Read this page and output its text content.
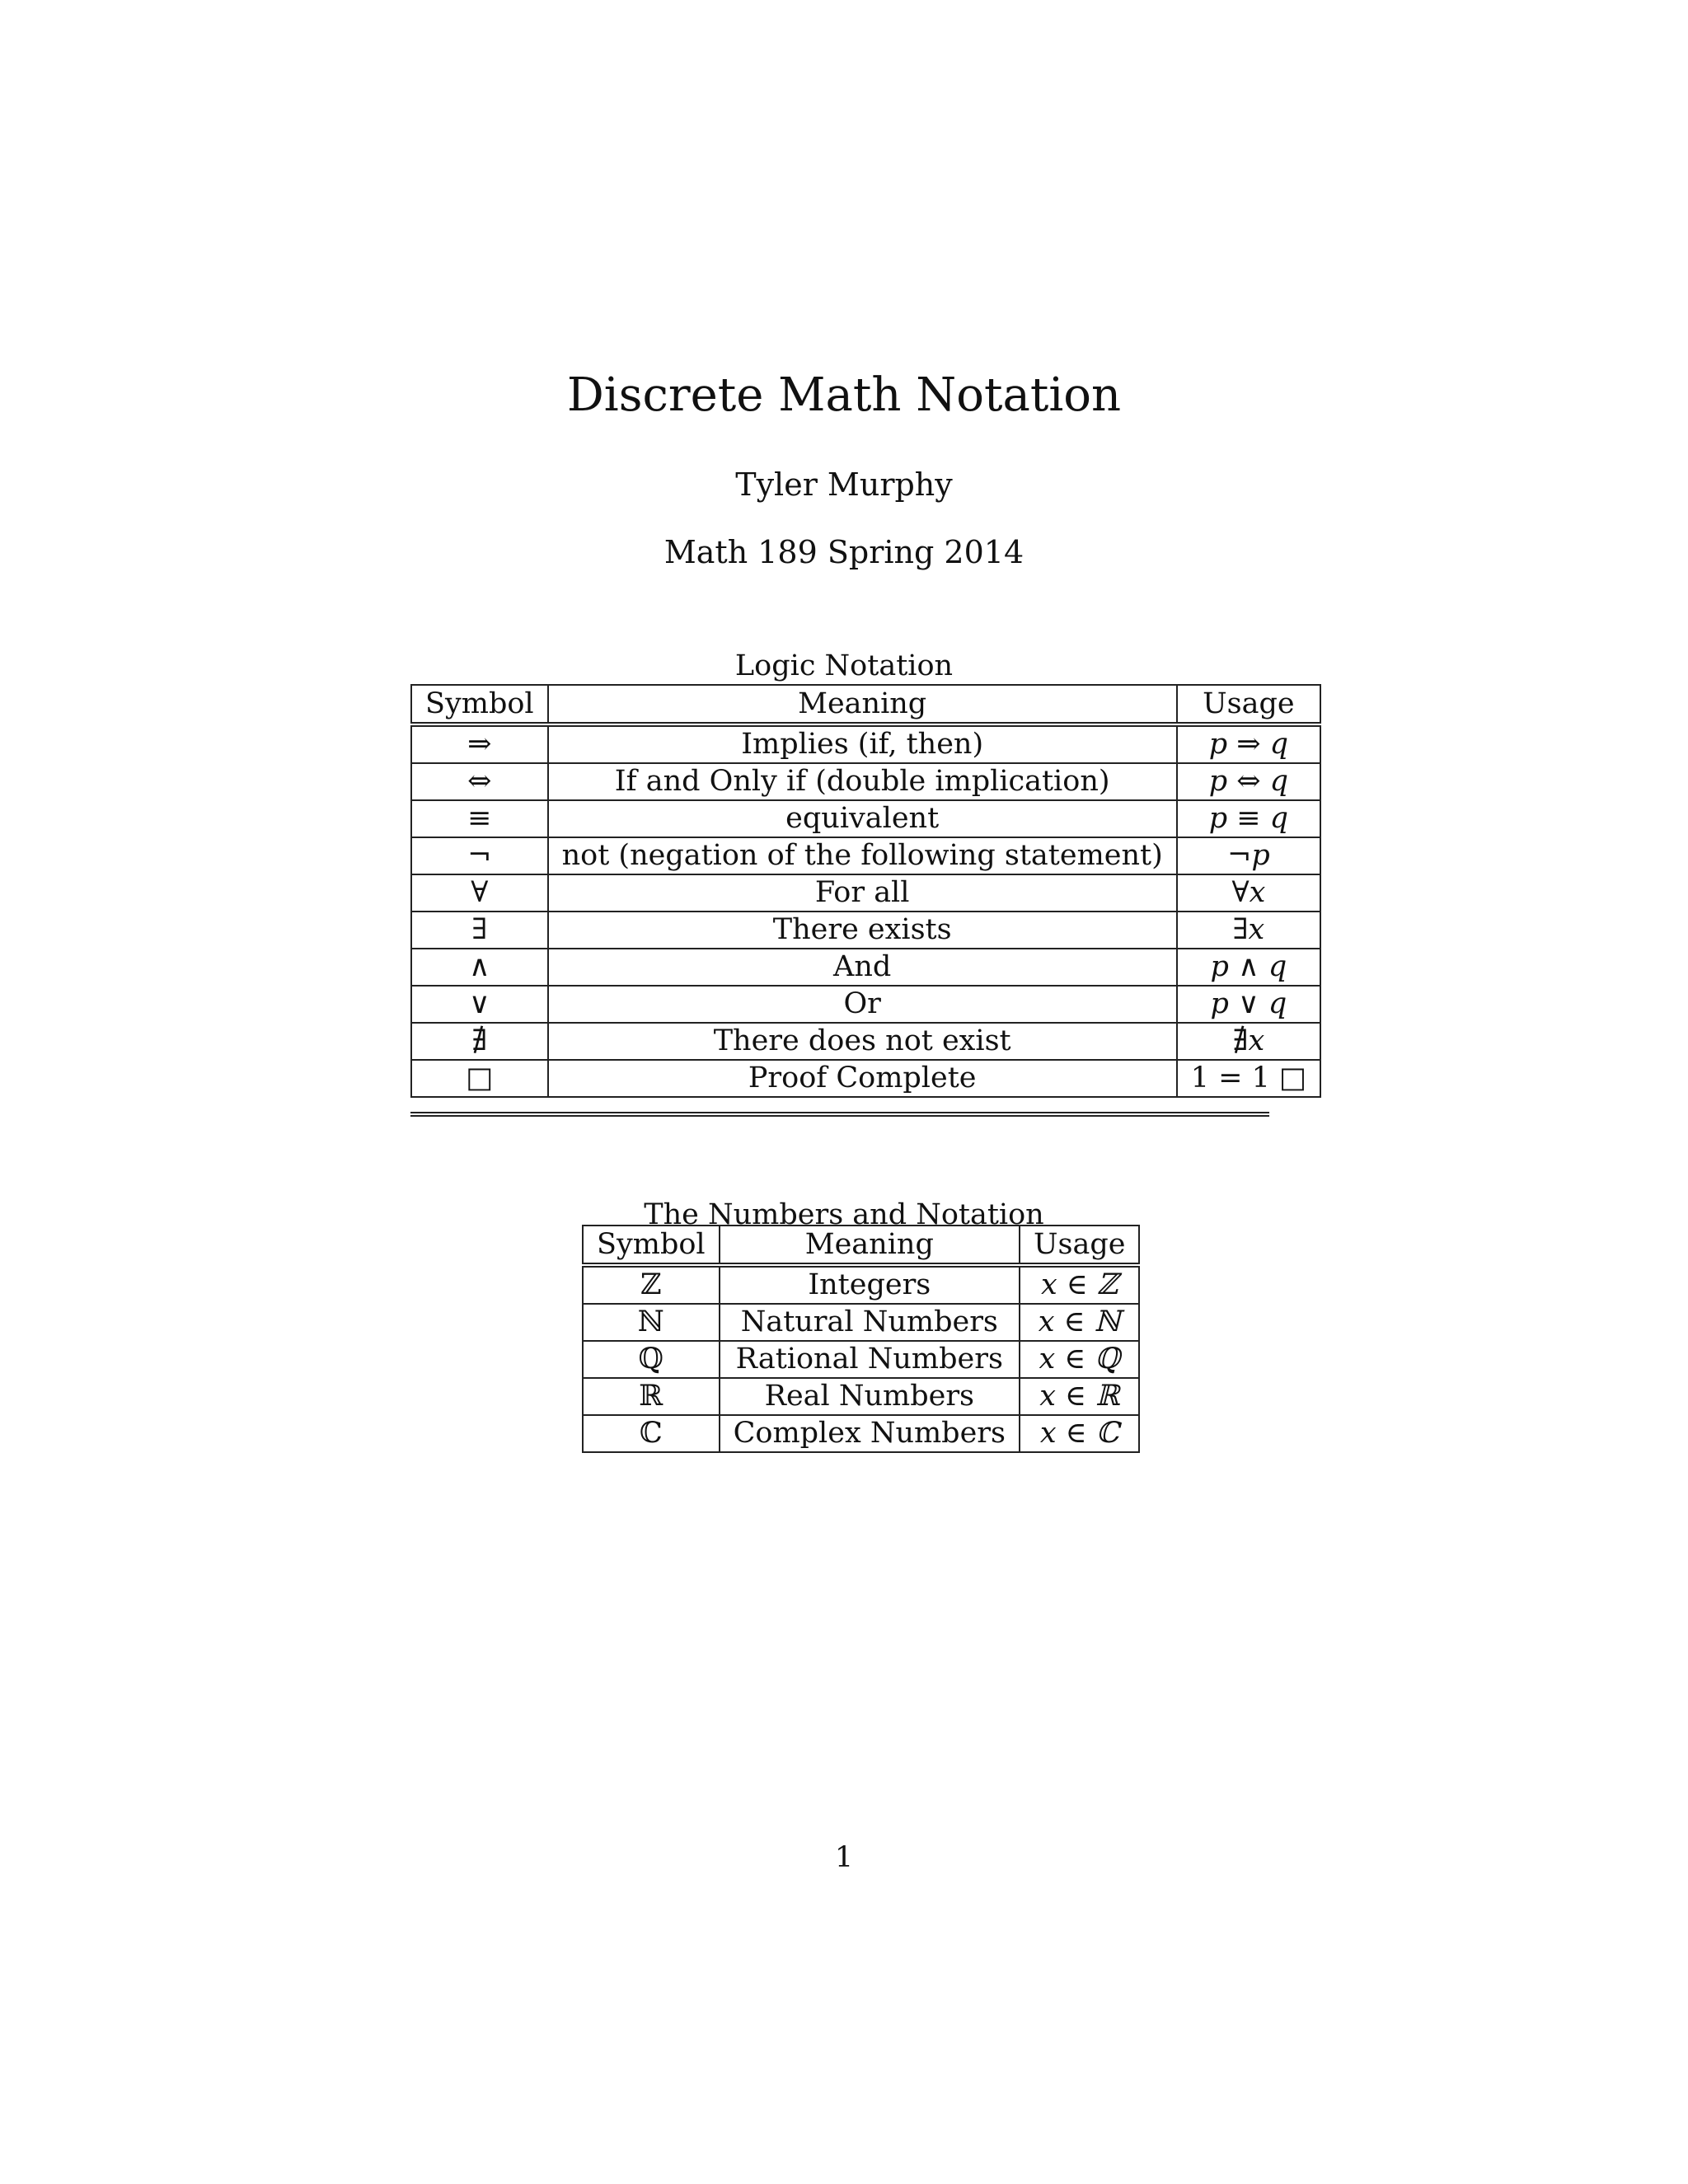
Discrete Math Notation
Tyler Murphy
Math 189 Spring 2014
Logic Notation
Symbol	Meaning	Usage
⇒	Implies (if, then)	p ⇒ q
⇔	If and Only if (double implication)	p ⇔ q
≡	equivalent	p ≡ q
¬	not (negation of the following statement)	¬p
∀	For all	∀x
∃	There exists	∃x
∧	And	p ∧ q
∨	Or	p ∨ q
∄	There does not exist	∄x
□	Proof Complete	1 = 1 □
The Numbers and Notation
Symbol	Meaning	Usage
ℤ	Integers	x ∈ ℤ
ℕ	Natural Numbers	x ∈ ℕ
ℚ	Rational Numbers	x ∈ ℚ
ℝ	Real Numbers	x ∈ ℝ
ℂ	Complex Numbers	x ∈ ℂ
1
